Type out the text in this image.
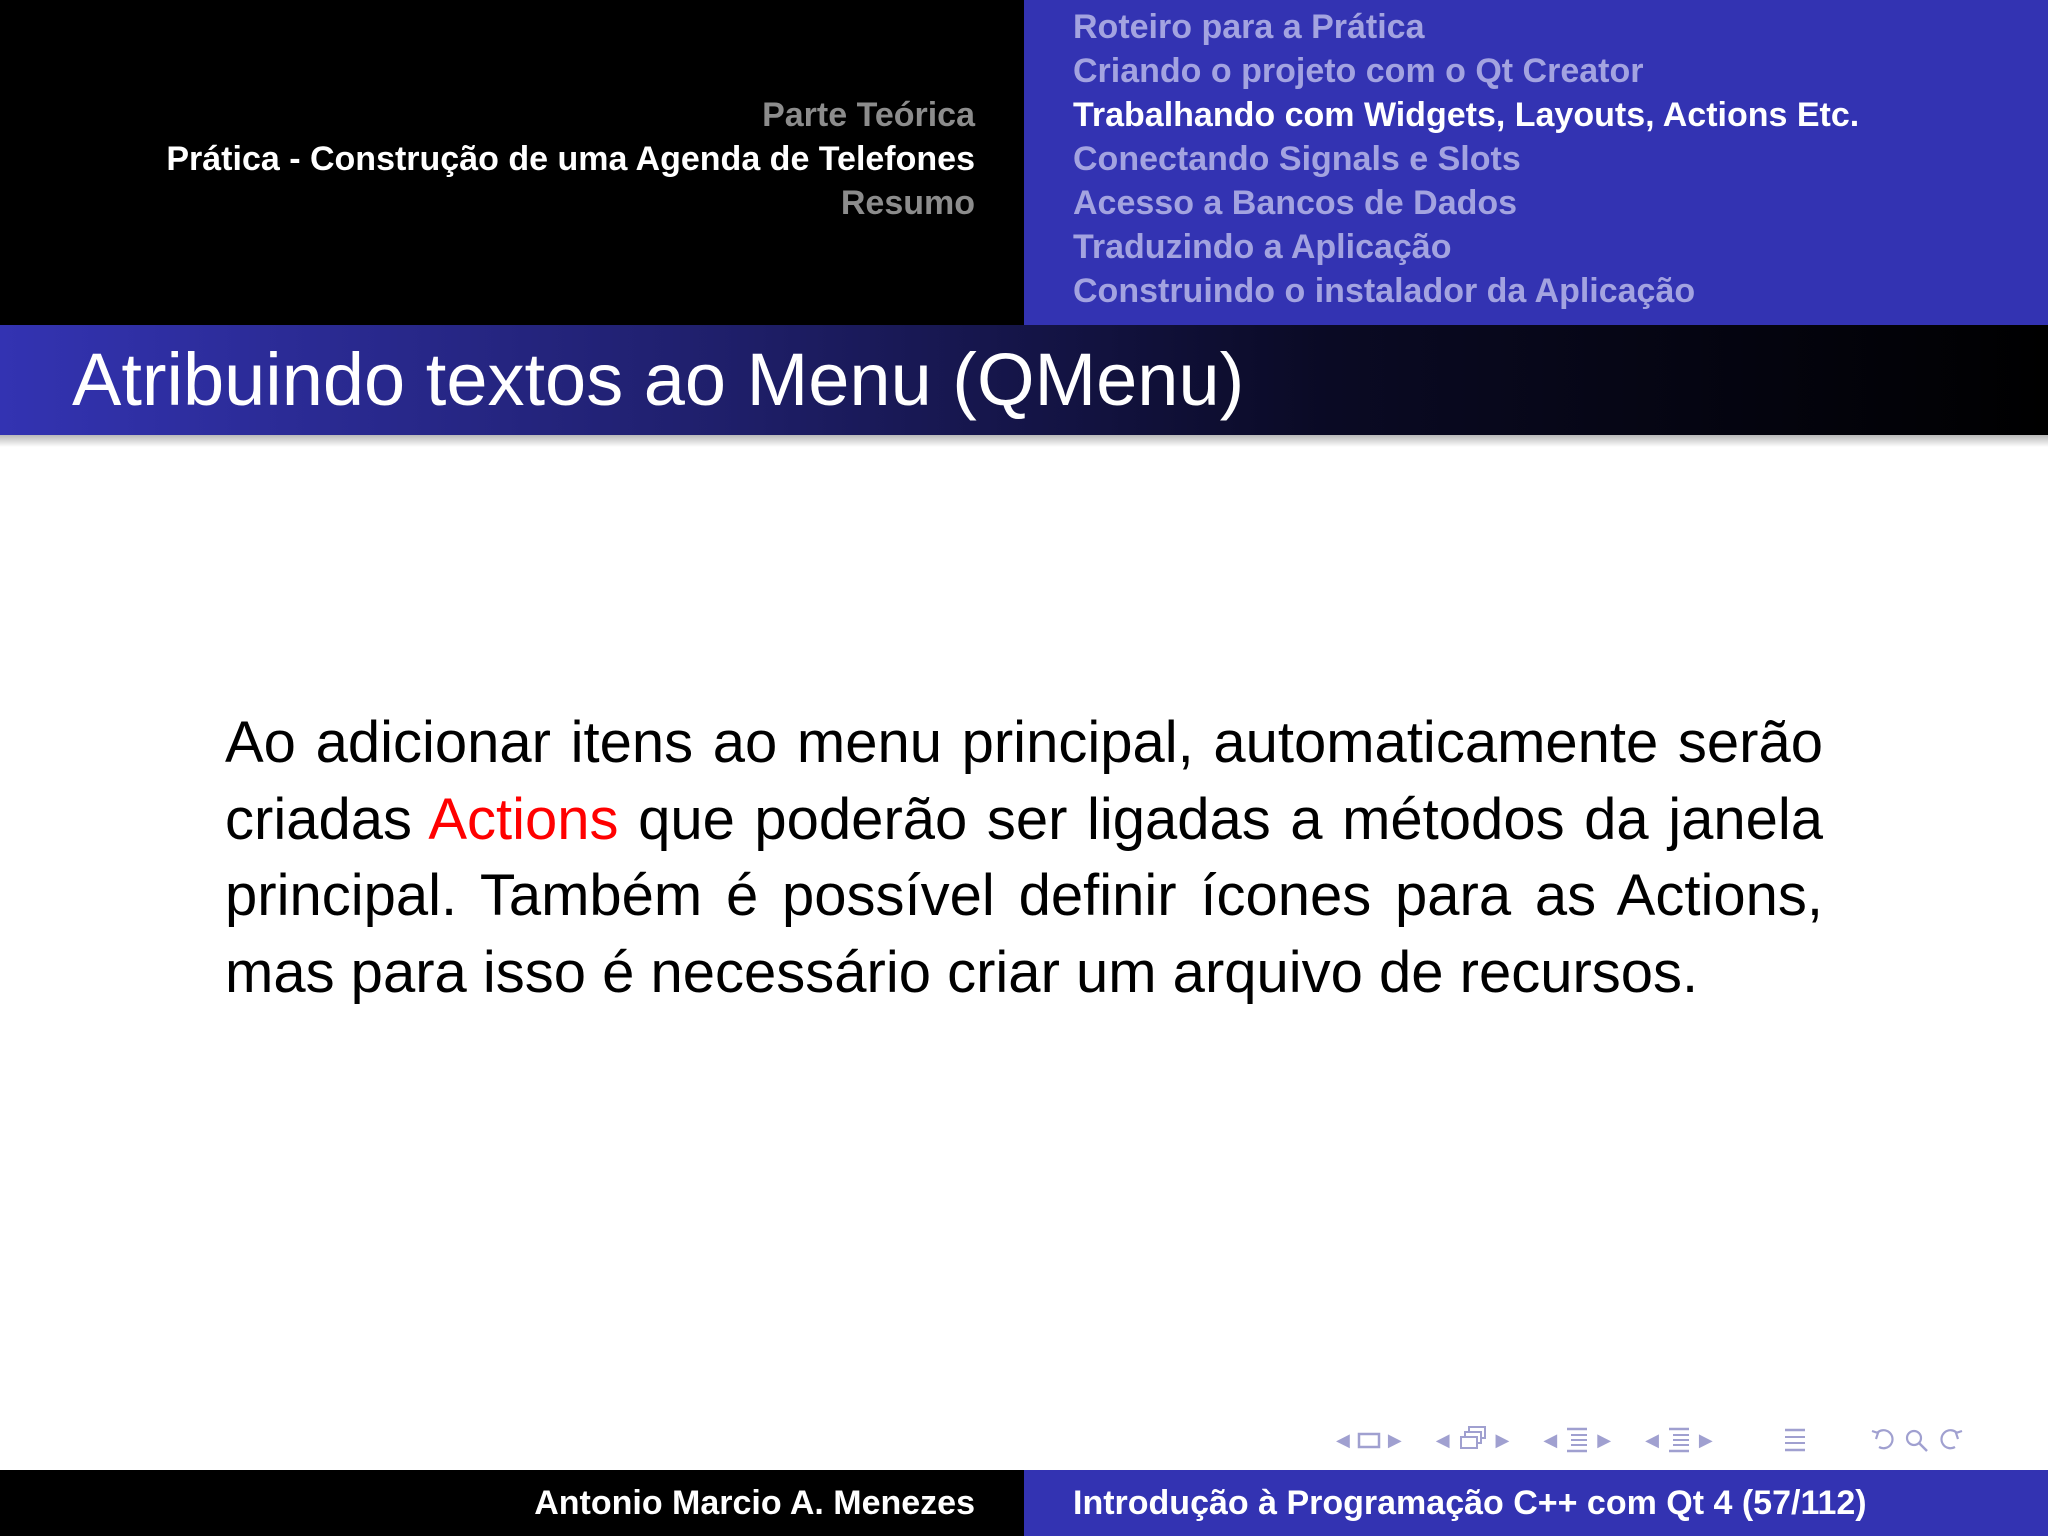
Parte Teórica
Prática - Construção de uma Agenda de Telefones
Resumo
Roteiro para a Prática
Criando o projeto com o Qt Creator
Trabalhando com Widgets, Layouts, Actions Etc.
Conectando Signals e Slots
Acesso a Bancos de Dados
Traduzindo a Aplicação
Construindo o instalador da Aplicação
Atribuindo textos ao Menu (QMenu)

Ao adicionar itens ao menu principal, automaticamente serão criadas Actions que poderão ser ligadas a métodos da janela principal. Também é possível definir ícones para as Actions, mas para isso é necessário criar um arquivo de recursos.

◀ ▶ ◀	▶ ◀ ▶ ◀ ▶
Antonio Marcio A. Menezes	Introdução à Programação C++ com Qt 4 (57/112)
